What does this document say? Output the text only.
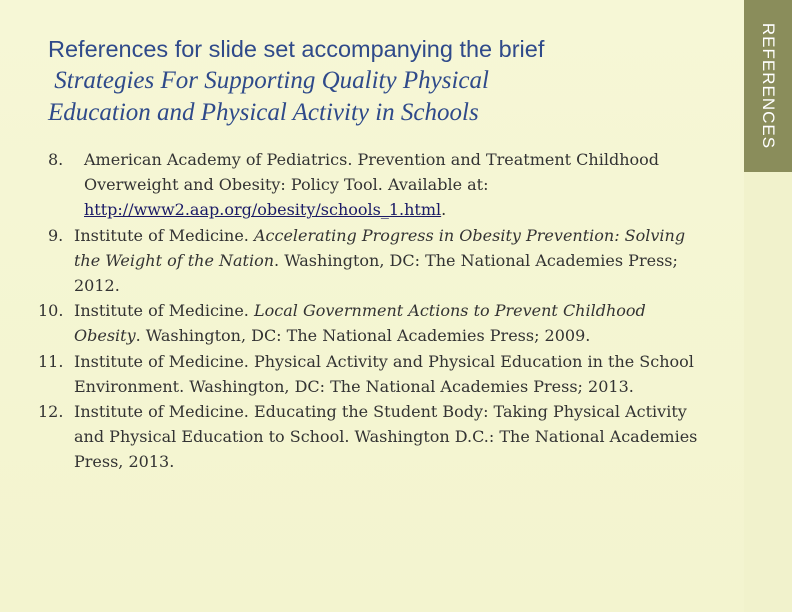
References for slide set accompanying the brief
Strategies For Supporting Quality Physical
Education and Physical Activity in Schools
8. American Academy of Pediatrics. Prevention and Treatment Childhood Overweight and Obesity: Policy Tool. Available at: http://www2.aap.org/obesity/schools_1.html.
9. Institute of Medicine. Accelerating Progress in Obesity Prevention: Solving the Weight of the Nation. Washington, DC: The National Academies Press; 2012.
10. Institute of Medicine. Local Government Actions to Prevent Childhood Obesity. Washington, DC: The National Academies Press; 2009.
11. Institute of Medicine. Physical Activity and Physical Education in the School Environment. Washington, DC: The National Academies Press; 2013.
12. Institute of Medicine. Educating the Student Body: Taking Physical Activity and Physical Education to School. Washington D.C.: The National Academies Press, 2013.
REFERENCES
